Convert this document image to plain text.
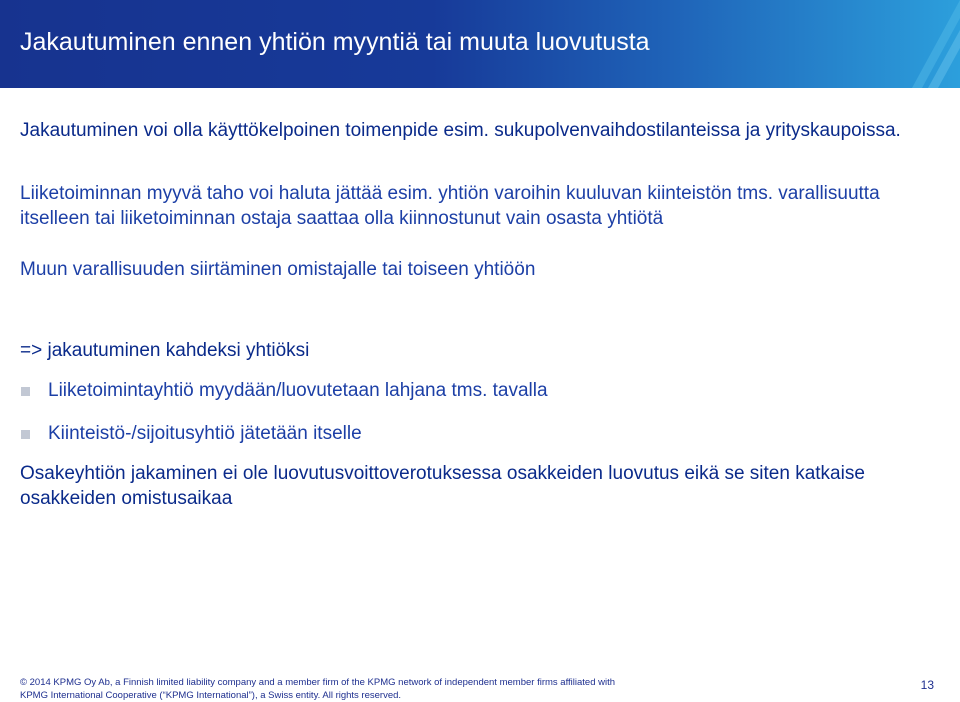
Jakautuminen ennen yhtiön myyntiä tai muuta luovutusta

Jakautuminen voi olla käyttökelpoinen toimenpide esim. sukupolvenvaihdostilanteissa ja yrityskaupoissa.

Liiketoiminnan myyvä taho voi haluta jättää esim. yhtiön varoihin kuuluvan kiinteistön tms. varallisuutta itselleen tai liiketoiminnan ostaja saattaa olla kiinnostunut vain osasta yhtiötä

Muun varallisuuden siirtäminen omistajalle tai toiseen yhtiöön

=> jakautuminen kahdeksi yhtiöksi

Liiketoimintayhtiö myydään/luovutetaan lahjana tms. tavalla
Kiinteistö-/sijoitusyhtiö jätetään itselle

Osakeyhtiön jakaminen ei ole luovutusvoittoverotuksessa osakkeiden luovutus eikä se siten katkaise osakkeiden omistusaikaa

© 2014 KPMG Oy Ab, a Finnish limited liability company and a member firm of the KPMG network of independent member firms affiliated with
KPMG International Cooperative (“KPMG International”), a Swiss entity. All rights reserved.
13
